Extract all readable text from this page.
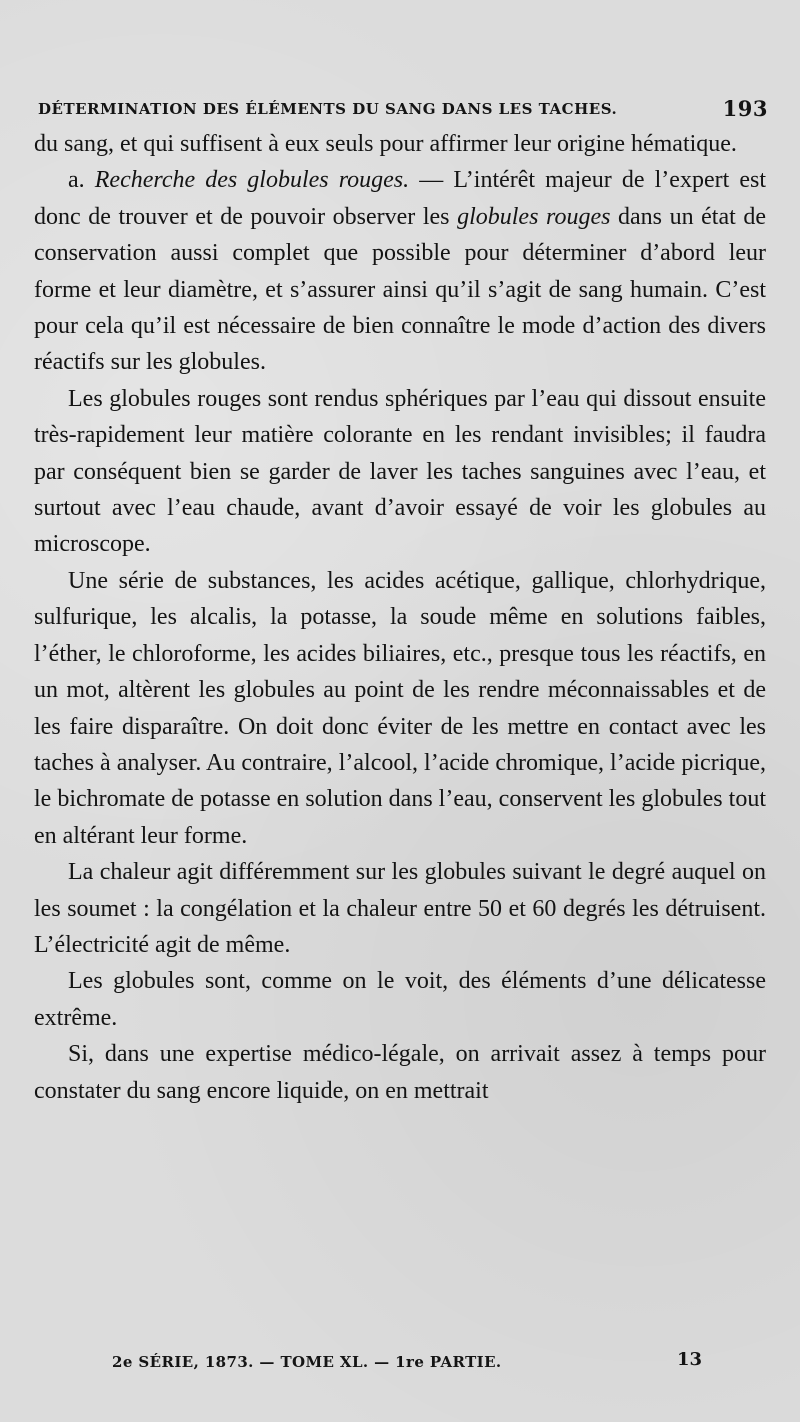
DÉTERMINATION DES ÉLÉMENTS DU SANG DANS LES TACHES.	193

du sang, et qui suffisent à eux seuls pour affirmer leur origine hématique.

a. Recherche des globules rouges. — L’intérêt majeur de l’expert est donc de trouver et de pouvoir observer les globules rouges dans un état de conservation aussi complet que possible pour déterminer d’abord leur forme et leur diamètre, et s’assurer ainsi qu’il s’agit de sang humain. C’est pour cela qu’il est nécessaire de bien connaître le mode d’action des divers réactifs sur les globules.

Les globules rouges sont rendus sphériques par l’eau qui dissout ensuite très-rapidement leur matière colorante en les rendant invisibles; il faudra par conséquent bien se garder de laver les taches sanguines avec l’eau, et surtout avec l’eau chaude, avant d’avoir essayé de voir les globules au microscope.

Une série de substances, les acides acétique, gallique, chlorhydrique, sulfurique, les alcalis, la potasse, la soude même en solutions faibles, l’éther, le chloroforme, les acides biliaires, etc., presque tous les réactifs, en un mot, altèrent les globules au point de les rendre méconnaissables et de les faire disparaître. On doit donc éviter de les mettre en contact avec les taches à analyser. Au contraire, l’alcool, l’acide chromique, l’acide picrique, le bichromate de potasse en solution dans l’eau, conservent les globules tout en altérant leur forme.

La chaleur agit différemment sur les globules suivant le degré auquel on les soumet : la congélation et la chaleur entre 50 et 60 degrés les détruisent. L’électricité agit de même.

Les globules sont, comme on le voit, des éléments d’une délicatesse extrême.

Si, dans une expertise médico-légale, on arrivait assez à temps pour constater du sang encore liquide, on en mettrait

2e SÉRIE, 1873. — TOME XL. — 1re PARTIE.	13
